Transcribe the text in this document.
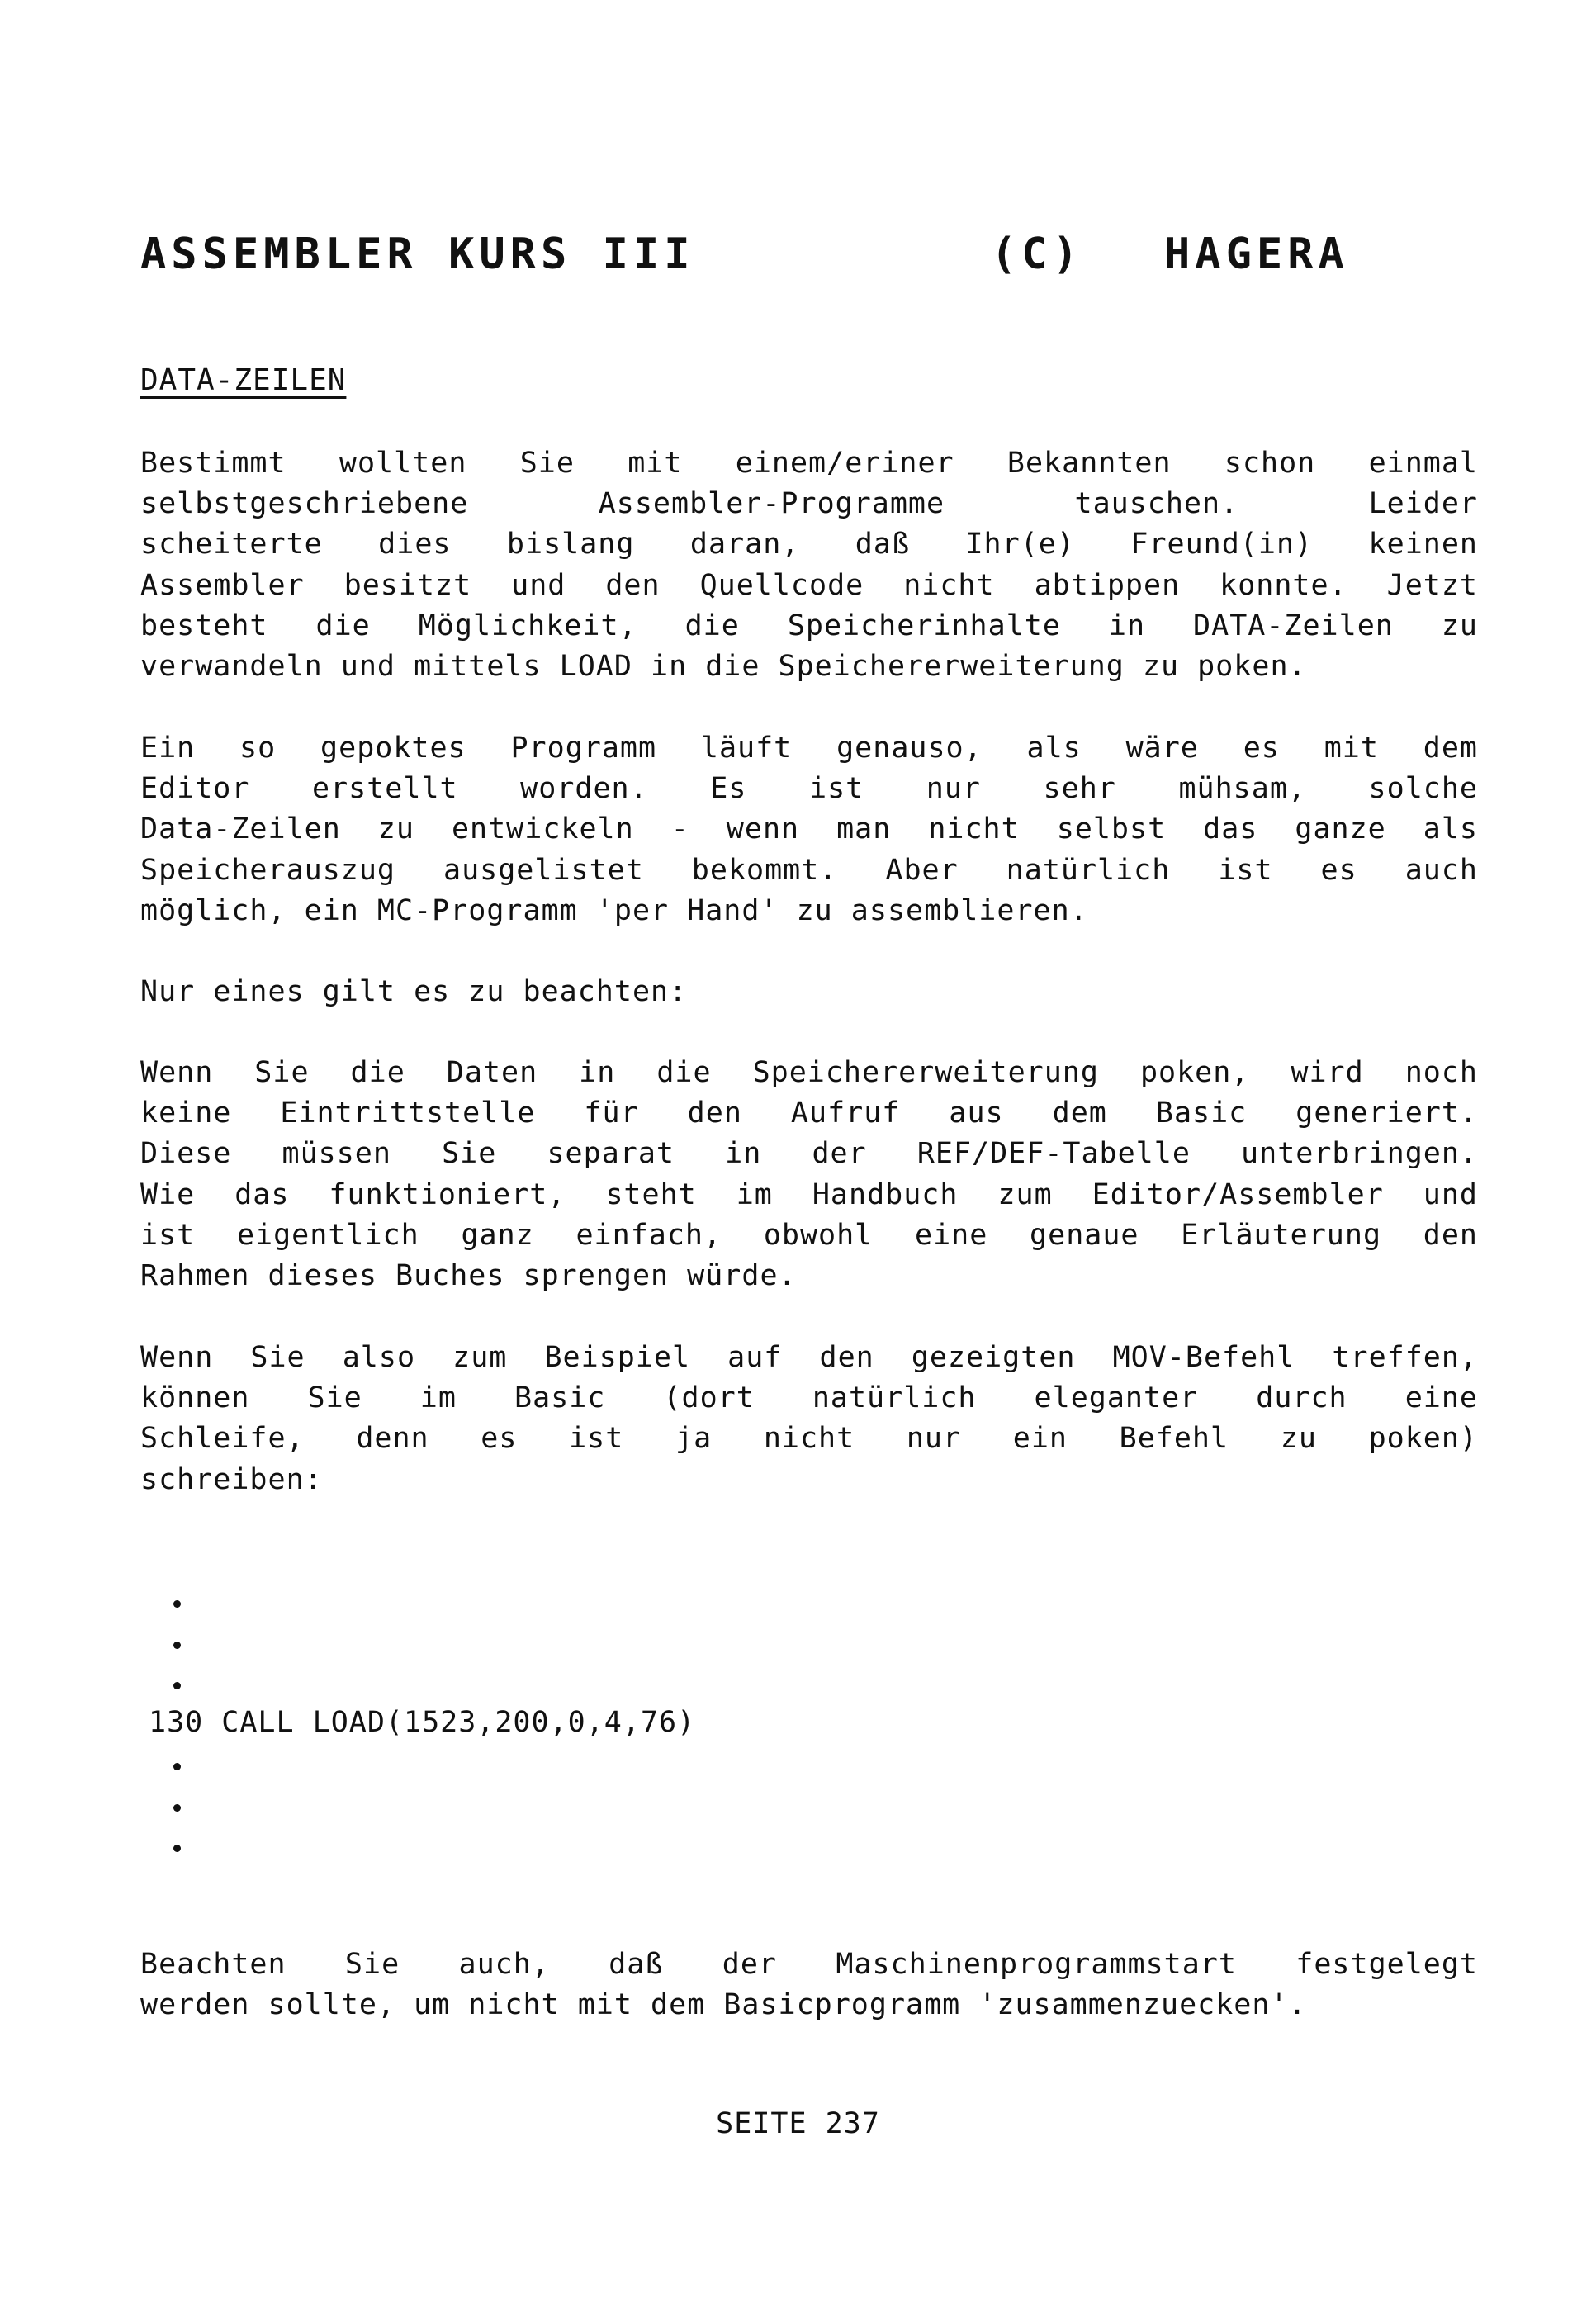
ASSEMBLER KURS III

	(C)

HAGERA

DATA-ZEILEN
Bestimmt wollten Sie mit einem/eriner Bekannten schon einmal
selbstgeschriebene Assembler-Programme tauschen. Leider
scheiterte dies bislang daran, daß Ihr(e) Freund(in) keinen
Assembler besitzt und den Quellcode nicht abtippen konnte. Jetzt
besteht die Möglichkeit, die Speicherinhalte in DATA-Zeilen zu
verwandeln und mittels LOAD in die Speichererweiterung zu poken.
Ein so gepoktes Programm läuft genauso, als wäre es mit dem
Editor erstellt worden. Es ist nur sehr mühsam, solche
Data-Zeilen zu entwickeln - wenn man nicht selbst das ganze als
Speicherauszug ausgelistet bekommt. Aber natürlich ist es auch
möglich, ein MC-Programm 'per Hand' zu assemblieren.
Nur eines gilt es zu beachten:
Wenn Sie die Daten in die Speichererweiterung poken, wird noch
keine Eintrittstelle für den Aufruf aus dem Basic generiert.
Diese müssen Sie separat in der REF/DEF-Tabelle unterbringen.
Wie das funktioniert, steht im Handbuch zum Editor/Assembler und
ist eigentlich ganz einfach, obwohl eine genaue Erläuterung den
Rahmen dieses Buches sprengen würde.
Wenn Sie also zum Beispiel auf den gezeigten MOV-Befehl treffen,
können Sie im Basic (dort natürlich eleganter durch eine
Schleife, denn es ist ja nicht nur ein Befehl zu poken)
schreiben:
130 CALL LOAD(1523,200,0,4,76)
Beachten Sie auch, daß der Maschinenprogrammstart festgelegt
werden sollte, um nicht mit dem Basicprogramm 'zusammenzuecken'.
SEITE 237
